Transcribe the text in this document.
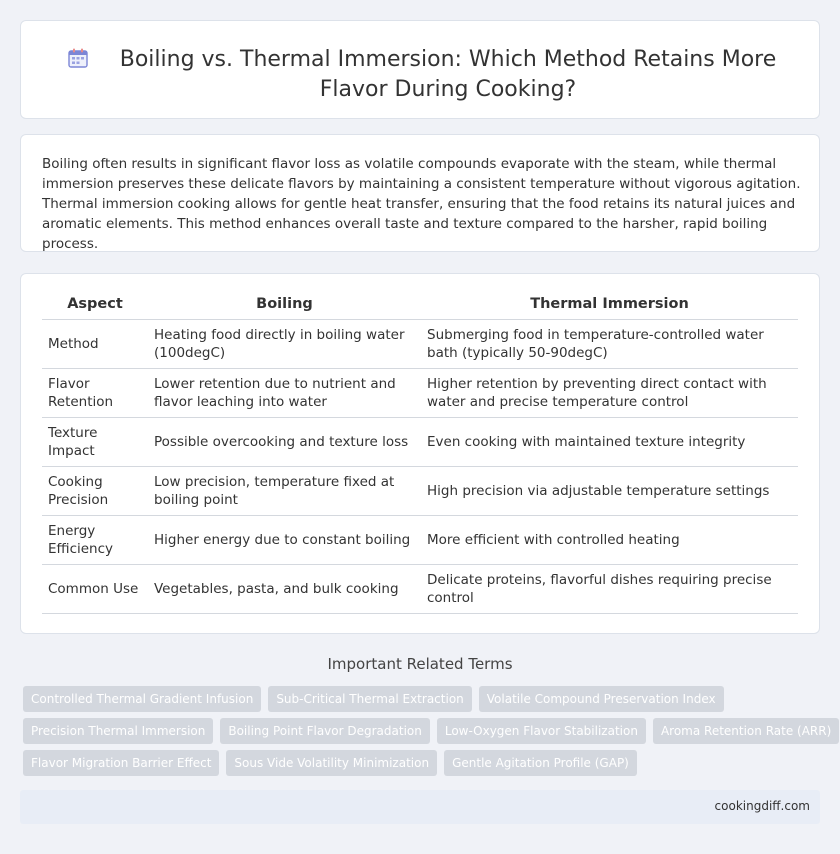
Boiling vs. Thermal Immersion: Which Method Retains More Flavor During Cooking?

Boiling often results in significant flavor loss as volatile compounds evaporate with the steam, while thermal immersion preserves these delicate flavors by maintaining a consistent temperature without vigorous agitation. Thermal immersion cooking allows for gentle heat transfer, ensuring that the food retains its natural juices and aromatic elements. This method enhances overall taste and texture compared to the harsher, rapid boiling process.

Aspect	Boiling	Thermal Immersion
Method	Heating food directly in boiling water (100degC)	Submerging food in temperature-controlled water bath (typically 50-90degC)
Flavor Retention	Lower retention due to nutrient and flavor leaching into water	Higher retention by preventing direct contact with water and precise temperature control
Texture Impact	Possible overcooking and texture loss	Even cooking with maintained texture integrity
Cooking Precision	Low precision, temperature fixed at boiling point	High precision via adjustable temperature settings
Energy Efficiency	Higher energy due to constant boiling	More efficient with controlled heating
Common Use	Vegetables, pasta, and bulk cooking	Delicate proteins, flavorful dishes requiring precise control
Important Related Terms
Controlled Thermal Gradient Infusion	Sub-Critical Thermal Extraction	Volatile Compound Preservation Index
Precision Thermal Immersion	Boiling Point Flavor Degradation	Low-Oxygen Flavor Stabilization	Aroma Retention Rate (ARR)
Flavor Migration Barrier Effect	Sous Vide Volatility Minimization	Gentle Agitation Profile (GAP)
cookingdiff.com
